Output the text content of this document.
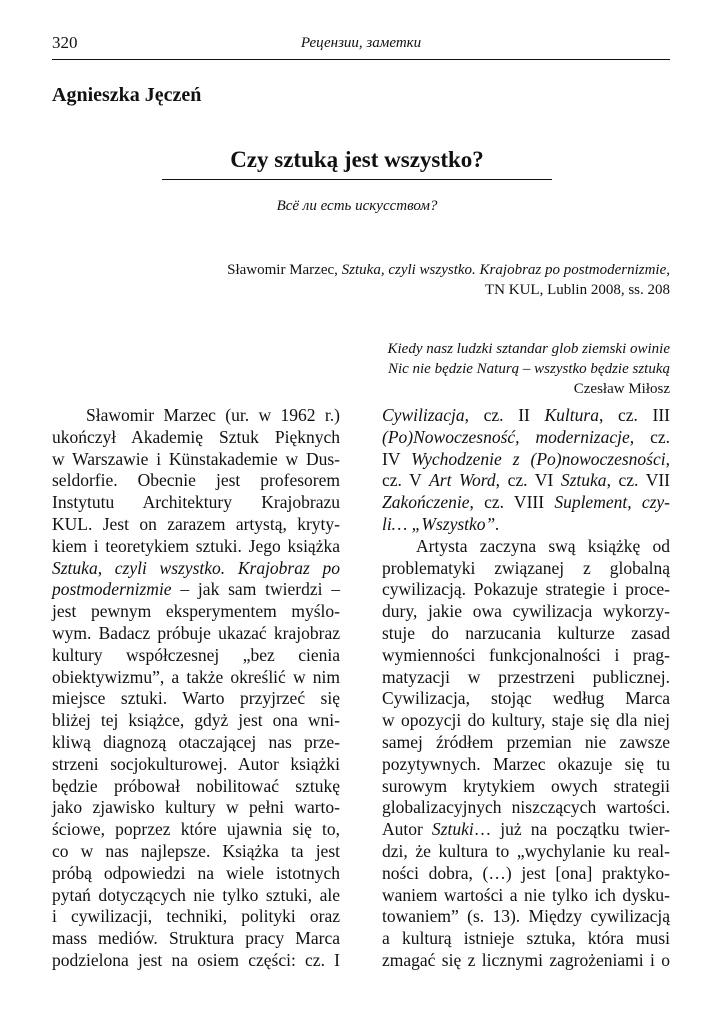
320	Рецензии, заметки
Agnieszka Jęczeń
Czy sztuką jest wszystko?
Всё ли есть искусством?
Sławomir Marzec, Sztuka, czyli wszystko. Krajobraz po postmodernizmie,
TN KUL, Lublin 2008, ss. 208
Kiedy nasz ludzki sztandar glob ziemski owinie
Nic nie będzie Naturą – wszystko będzie sztuką
Czesław Miłosz
Sławomir Marzec (ur. w 1962 r.)
ukończył Akademię Sztuk Pięknych
w Warszawie i Künstakademie w Dus-
seldorfie. Obecnie jest profesorem
Instytutu Architektury Krajobrazu
KUL. Jest on zarazem artystą, kryty-
kiem i teoretykiem sztuki. Jego książka
Sztuka, czyli wszystko. Krajobraz po
postmodernizmie – jak sam twierdzi –
jest pewnym eksperymentem myślo-
wym. Badacz próbuje ukazać krajobraz
kultury współczesnej „bez cienia
obiektywizmu”, a także określić w nim
miejsce sztuki. Warto przyjrzeć się
bliżej tej książce, gdyż jest ona wni-
kliwą diagnozą otaczającej nas prze-
strzeni socjokulturowej. Autor książki
będzie próbował nobilitować sztukę
jako zjawisko kultury w pełni warto-
ściowe, poprzez które ujawnia się to,
co w nas najlepsze. Książka ta jest
próbą odpowiedzi na wiele istotnych
pytań dotyczących nie tylko sztuki, ale
i cywilizacji, techniki, polityki oraz
mass mediów. Struktura pracy Marca
podzielona jest na osiem części: cz. I
Cywilizacja, cz. II Kultura, cz. III
(Po)Nowoczesność, modernizacje, cz.
IV Wychodzenie z (Po)nowoczesności,
cz. V Art Word, cz. VI Sztuka, cz. VII
Zakończenie, cz. VIII Suplement, czy-
li… „Wszystko”.
Artysta zaczyna swą książkę od
problematyki związanej z globalną
cywilizacją. Pokazuje strategie i proce-
dury, jakie owa cywilizacja wykorzy-
stuje do narzucania kulturze zasad
wymienności funkcjonalności i prag-
matyzacji w przestrzeni publicznej.
Cywilizacja, stojąc według Marca
w opozycji do kultury, staje się dla niej
samej źródłem przemian nie zawsze
pozytywnych. Marzec okazuje się tu
surowym krytykiem owych strategii
globalizacyjnych niszczących wartości.
Autor Sztuki… już na początku twier-
dzi, że kultura to „wychylanie ku real-
ności dobra, (…) jest [ona] praktyko-
waniem wartości a nie tylko ich dysku-
towaniem” (s. 13). Między cywilizacją
a kulturą istnieje sztuka, która musi
zmagać się z licznymi zagrożeniami i o
